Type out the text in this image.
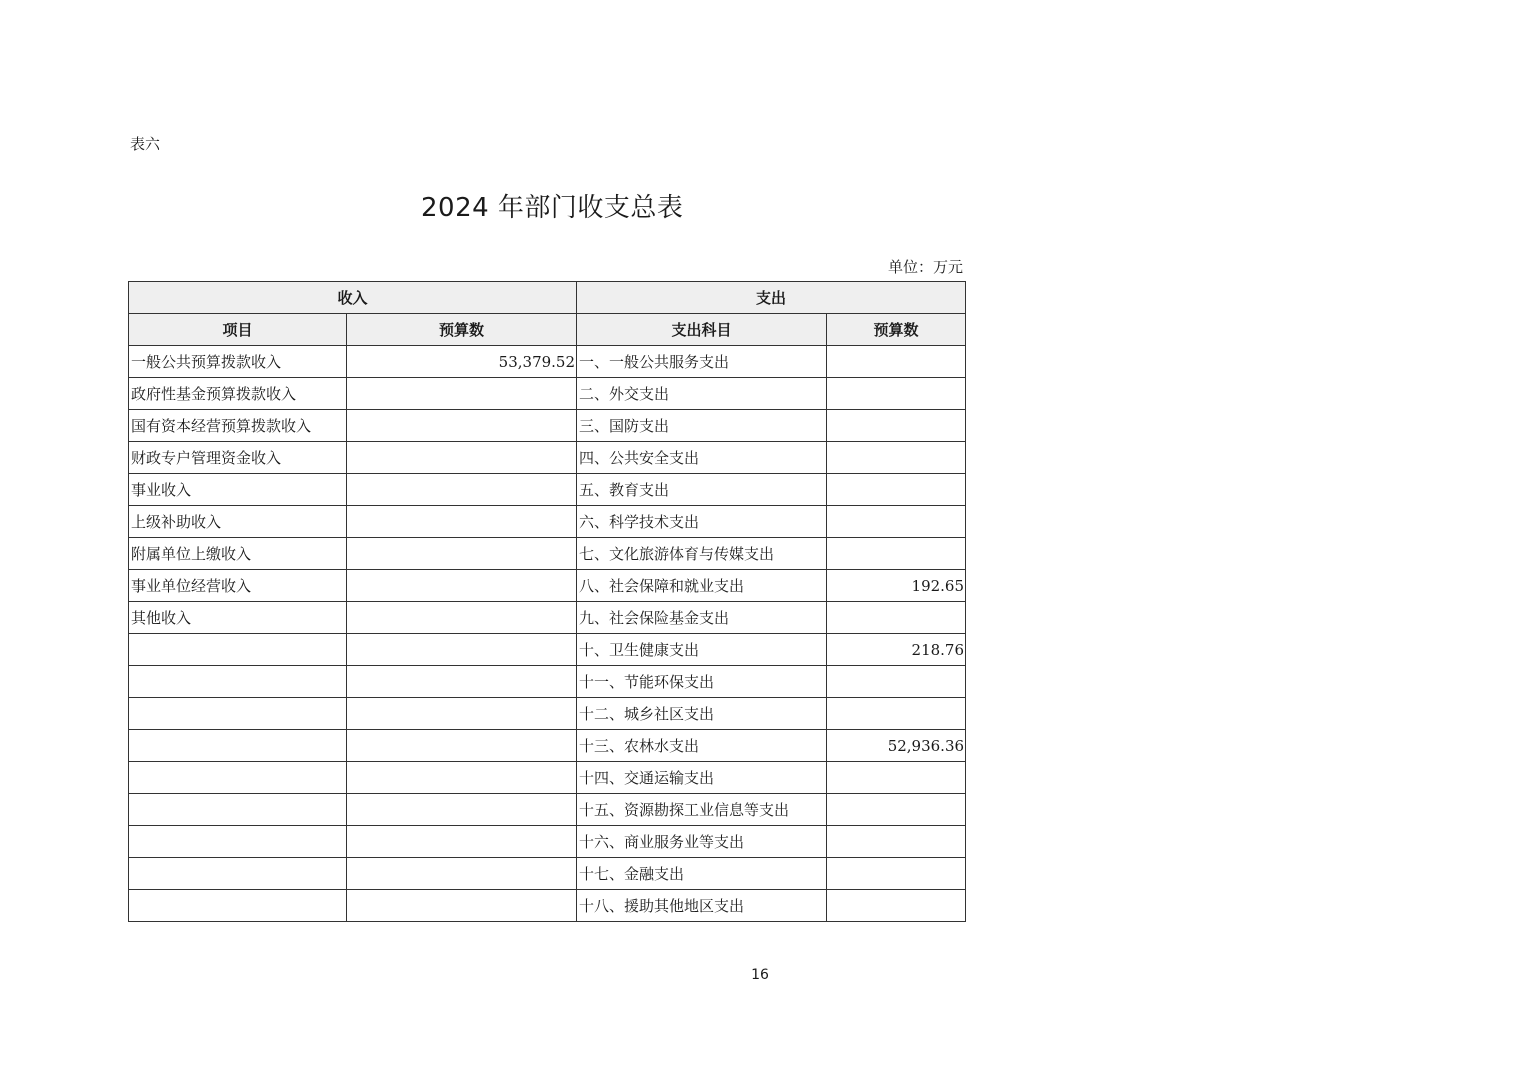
表六
2024 年部门收支总表
单位：万元
收入		支出	
项目	预算数	支出科目	预算数
一般公共预算拨款收入	53,379.52	一、一般公共服务支出	
政府性基金预算拨款收入		二、外交支出	
国有资本经营预算拨款收入		三、国防支出	
财政专户管理资金收入		四、公共安全支出	
事业收入		五、教育支出	
上级补助收入		六、科学技术支出	
附属单位上缴收入		七、文化旅游体育与传媒支出	
事业单位经营收入		八、社会保障和就业支出	192.65
其他收入		九、社会保险基金支出	
		十、卫生健康支出	218.76
		十一、节能环保支出	
		十二、城乡社区支出	
		十三、农林水支出	52,936.36
		十四、交通运输支出	
		十五、资源勘探工业信息等支出	
		十六、商业服务业等支出	
		十七、金融支出	
		十八、援助其他地区支出	
16
